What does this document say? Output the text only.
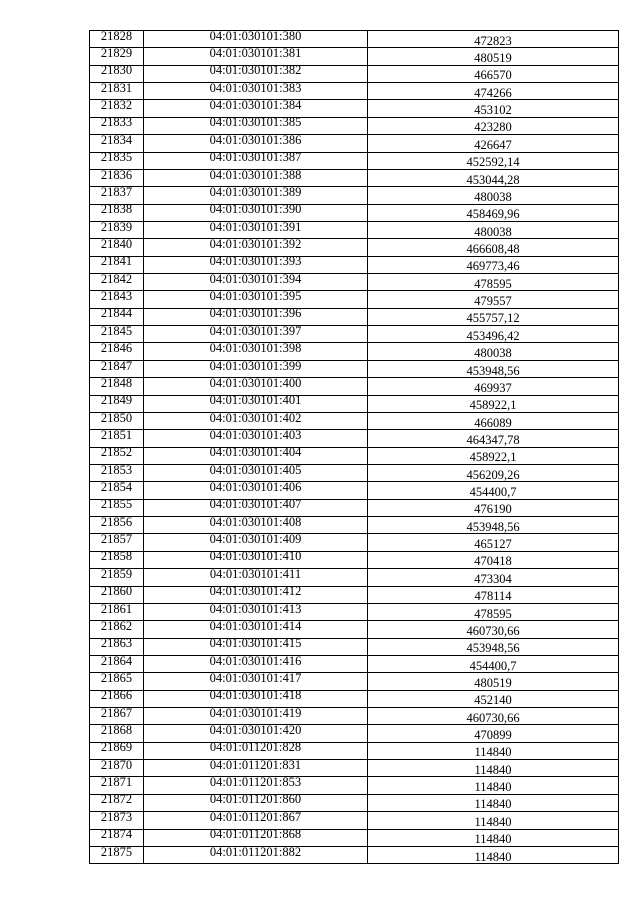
21828	04:01:030101:380	472823
21829	04:01:030101:381	480519
21830	04:01:030101:382	466570
21831	04:01:030101:383	474266
21832	04:01:030101:384	453102
21833	04:01:030101:385	423280
21834	04:01:030101:386	426647
21835	04:01:030101:387	452592,14
21836	04:01:030101:388	453044,28
21837	04:01:030101:389	480038
21838	04:01:030101:390	458469,96
21839	04:01:030101:391	480038
21840	04:01:030101:392	466608,48
21841	04:01:030101:393	469773,46
21842	04:01:030101:394	478595
21843	04:01:030101:395	479557
21844	04:01:030101:396	455757,12
21845	04:01:030101:397	453496,42
21846	04:01:030101:398	480038
21847	04:01:030101:399	453948,56
21848	04:01:030101:400	469937
21849	04:01:030101:401	458922,1
21850	04:01:030101:402	466089
21851	04:01:030101:403	464347,78
21852	04:01:030101:404	458922,1
21853	04:01:030101:405	456209,26
21854	04:01:030101:406	454400,7
21855	04:01:030101:407	476190
21856	04:01:030101:408	453948,56
21857	04:01:030101:409	465127
21858	04:01:030101:410	470418
21859	04:01:030101:411	473304
21860	04:01:030101:412	478114
21861	04:01:030101:413	478595
21862	04:01:030101:414	460730,66
21863	04:01:030101:415	453948,56
21864	04:01:030101:416	454400,7
21865	04:01:030101:417	480519
21866	04:01:030101:418	452140
21867	04:01:030101:419	460730,66
21868	04:01:030101:420	470899
21869	04:01:011201:828	114840
21870	04:01:011201:831	114840
21871	04:01:011201:853	114840
21872	04:01:011201:860	114840
21873	04:01:011201:867	114840
21874	04:01:011201:868	114840
21875	04:01:011201:882	114840
